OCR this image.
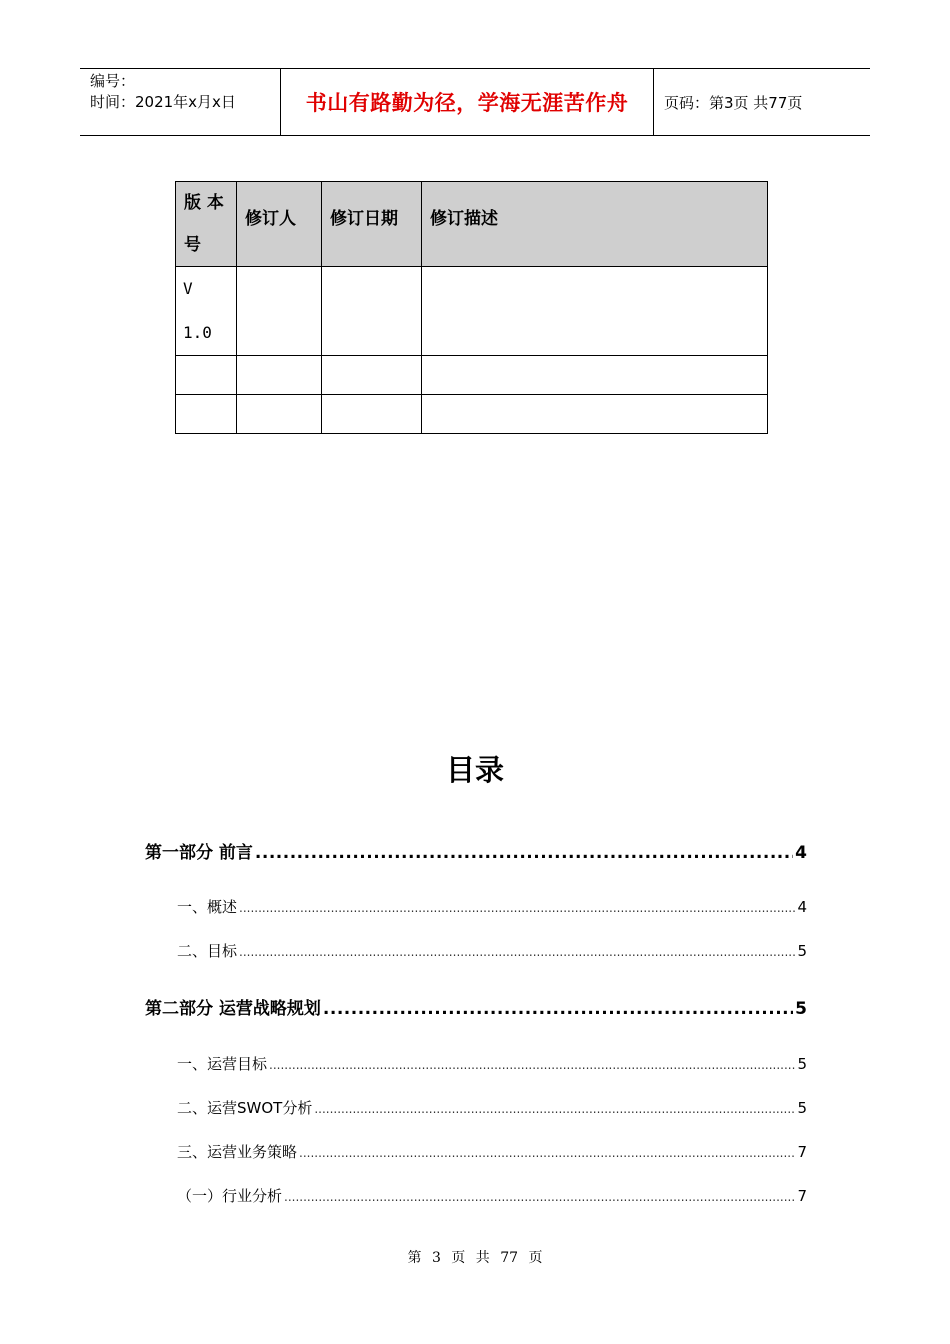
编号：
时间：2021年x月x日	书山有路勤为径，学海无涯苦作舟	页码：第3页 共77页
版 本
号	修订人	修订日期	修订描述

V
1.0			

目录
第一部分 前言 .....	4
一、概述 .....	4
二、目标 .....	5
第二部分 运营战略规划 .....	5
一、运营目标 .....	5
二、运营SWOT分析 .....	5
三、运营业务策略 .....	7
（一）行业分析 .....	7
第 3 页 共 77 页
